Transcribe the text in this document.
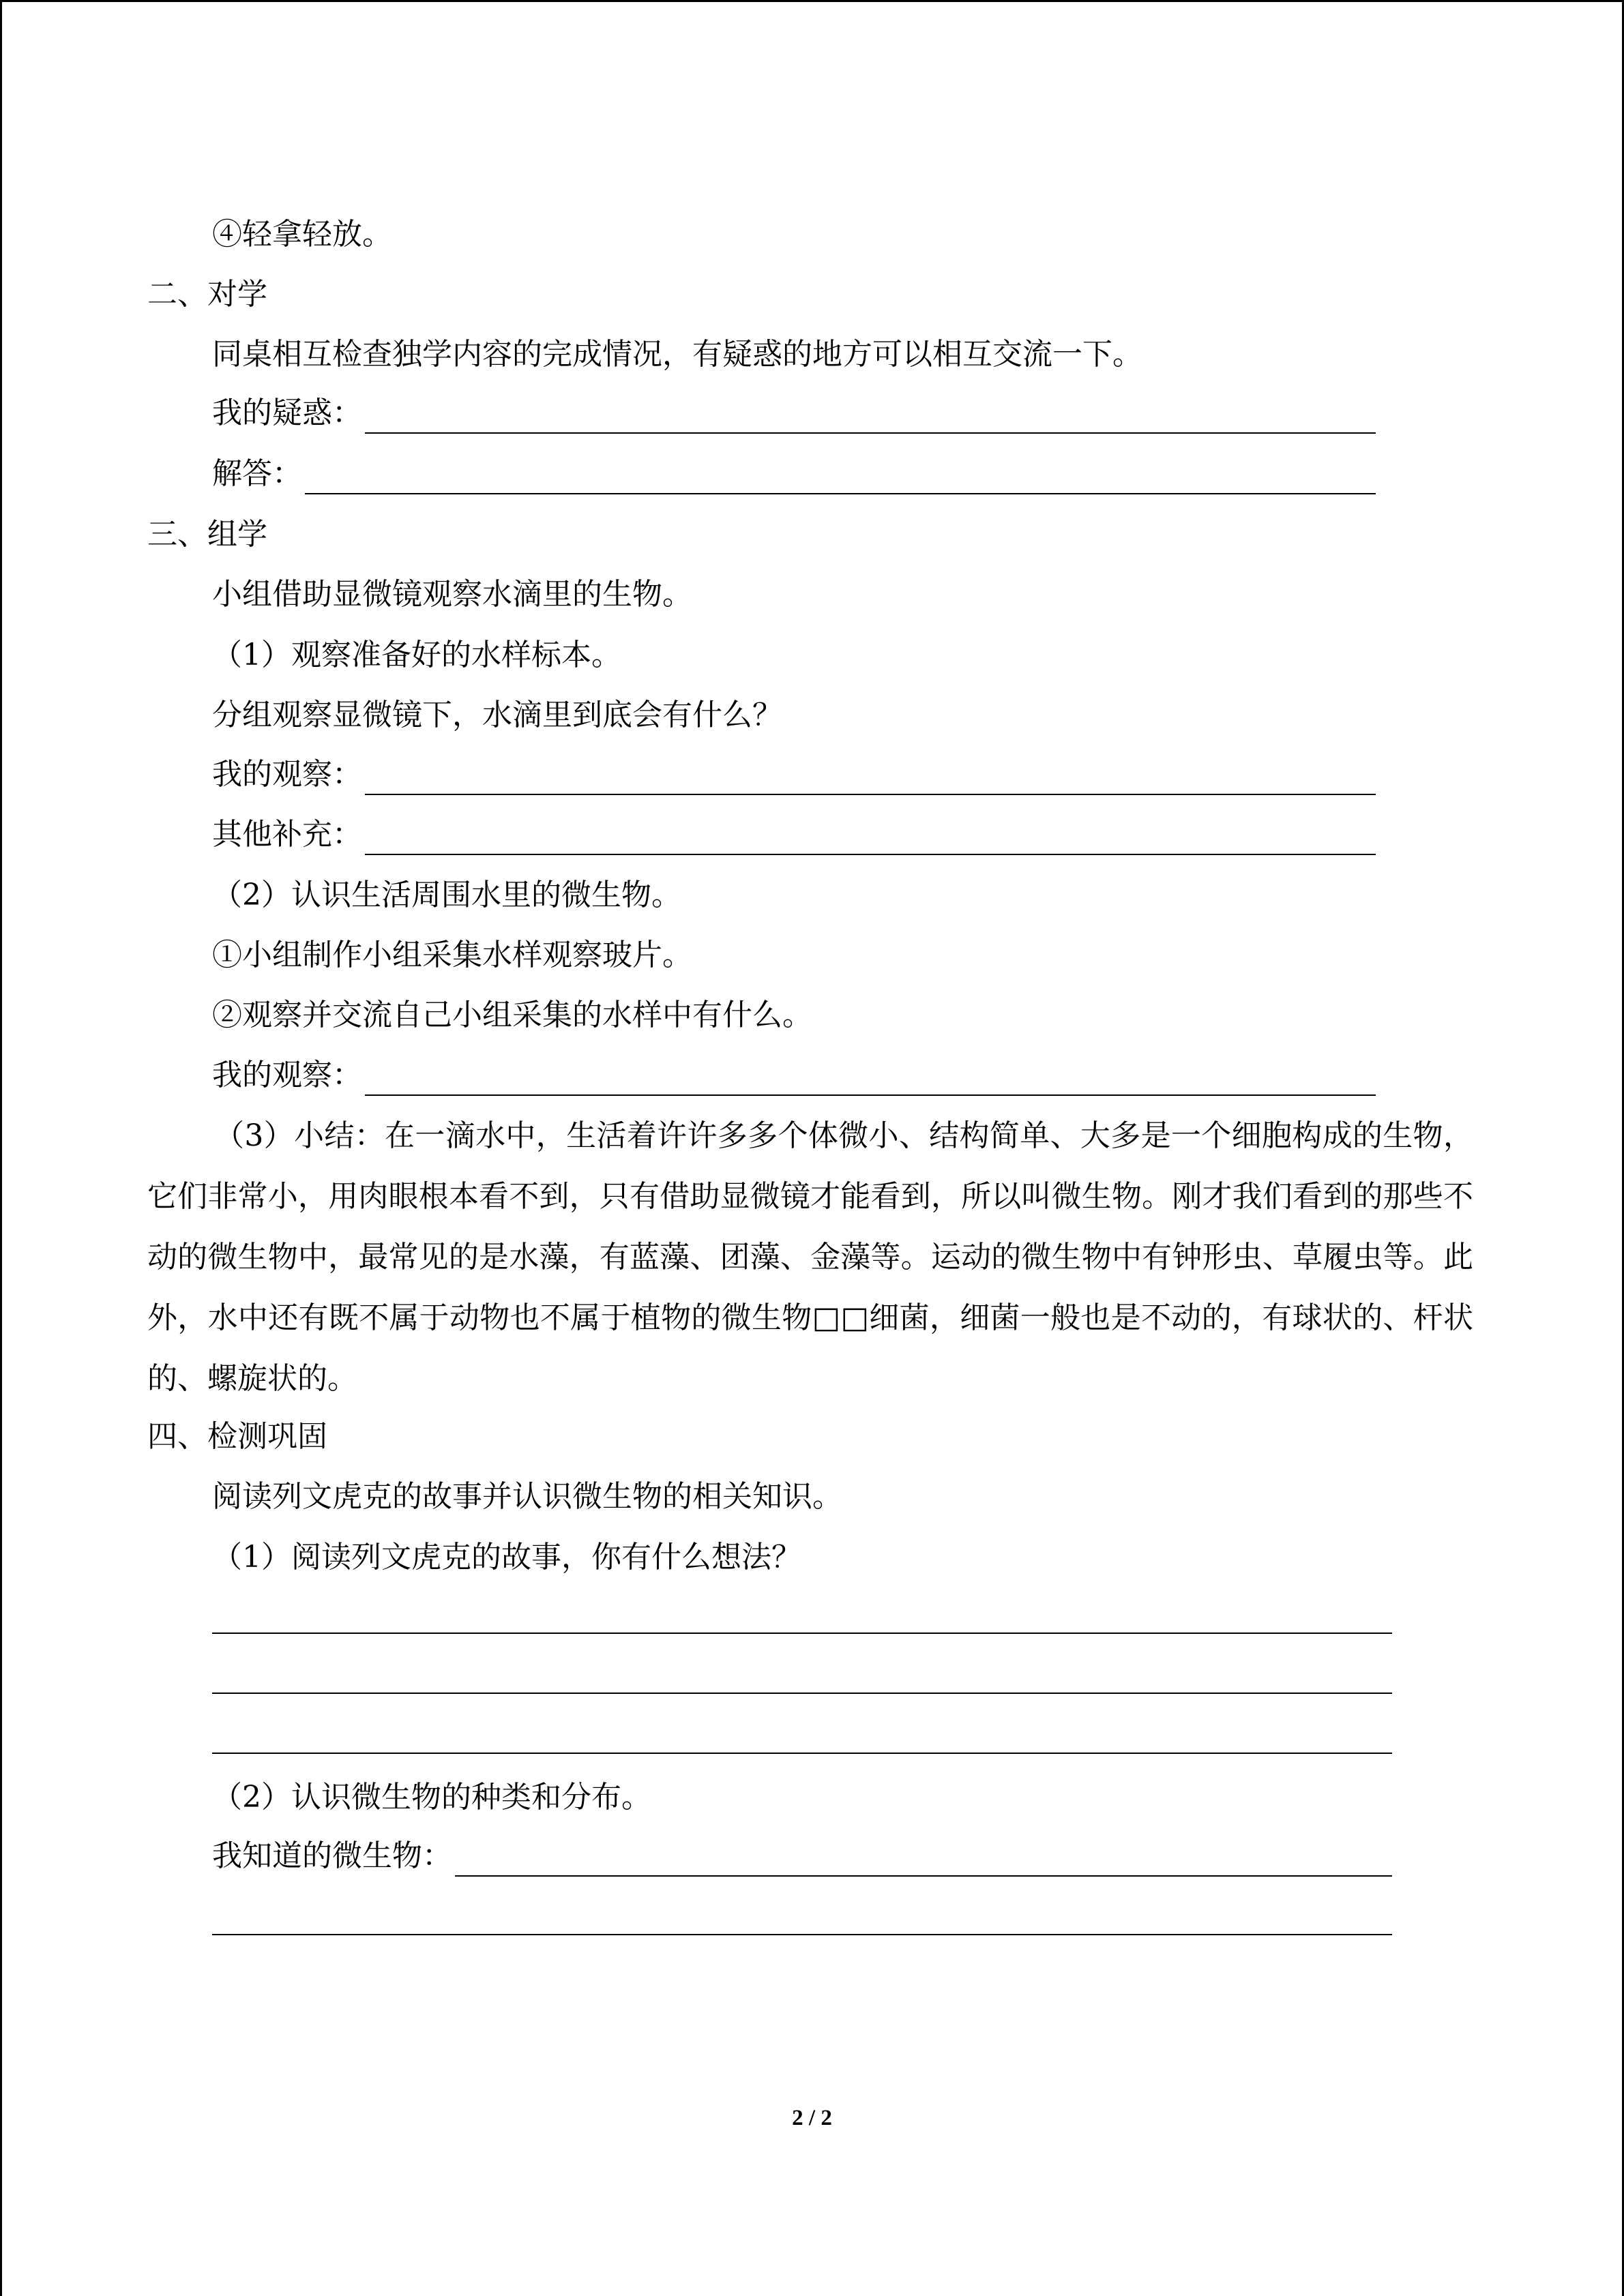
④轻拿轻放。
二、对学
同桌相互检查独学内容的完成情况，有疑惑的地方可以相互交流一下。
我的疑惑：
解答：
三、组学
小组借助显微镜观察水滴里的生物。
（1）观察准备好的水样标本。
分组观察显微镜下，水滴里到底会有什么？
我的观察：
其他补充：
（2）认识生活周围水里的微生物。
①小组制作小组采集水样观察玻片。
②观察并交流自己小组采集的水样中有什么。
我的观察：
（3）小结：在一滴水中，生活着许许多多个体微小、结构简单、大多是一个细胞构成的生物，它们非常小，用肉眼根本看不到，只有借助显微镜才能看到，所以叫微生物。刚才我们看到的那些不动的微生物中，最常见的是水藻，有蓝藻、团藻、金藻等。运动的微生物中有钟形虫、草履虫等。此外，水中还有既不属于动物也不属于植物的微生物□□细菌，细菌一般也是不动的，有球状的、杆状的、螺旋状的。
四、检测巩固
阅读列文虎克的故事并认识微生物的相关知识。
（1）阅读列文虎克的故事，你有什么想法？
（2）认识微生物的种类和分布。
我知道的微生物：
2 / 2
